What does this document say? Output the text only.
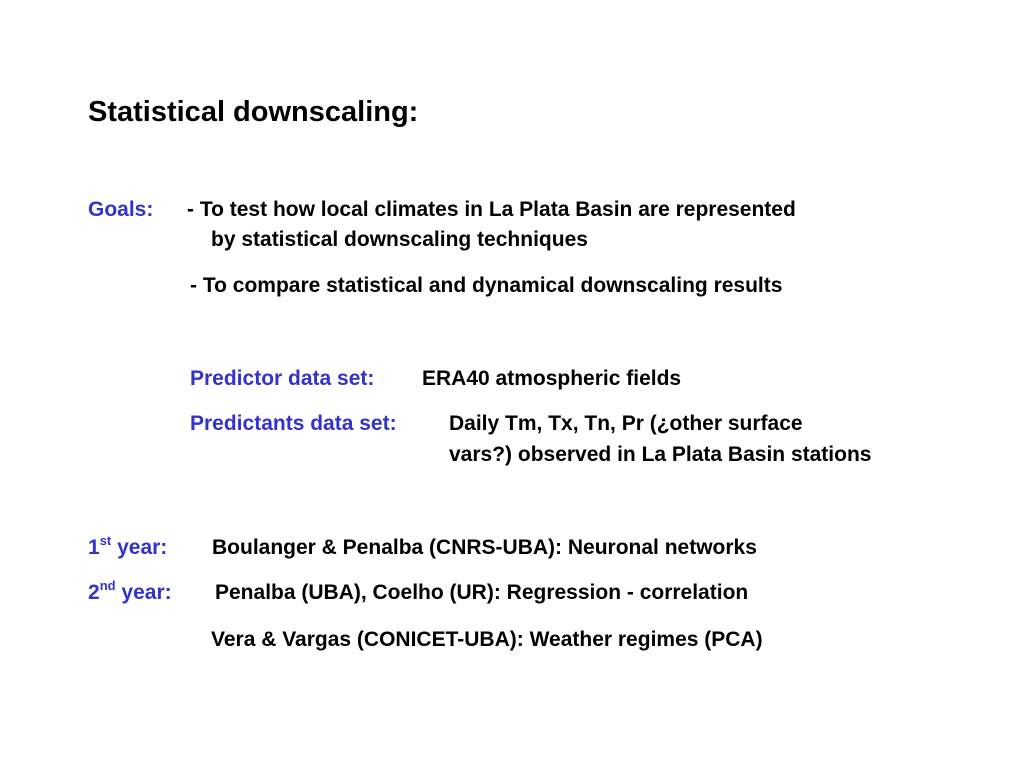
Statistical downscaling:
Goals: - To test how local climates in La Plata Basin are represented
by statistical downscaling techniques
- To compare statistical and dynamical downscaling results
Predictor data set: ERA40 atmospheric fields
Predictants data set: Daily Tm, Tx, Tn, Pr (¿other surface
vars?) observed in La Plata Basin stations
1st year: Boulanger & Penalba (CNRS-UBA): Neuronal networks
2nd year: Penalba (UBA), Coelho (UR): Regression - correlation
Vera & Vargas (CONICET-UBA): Weather regimes (PCA)
